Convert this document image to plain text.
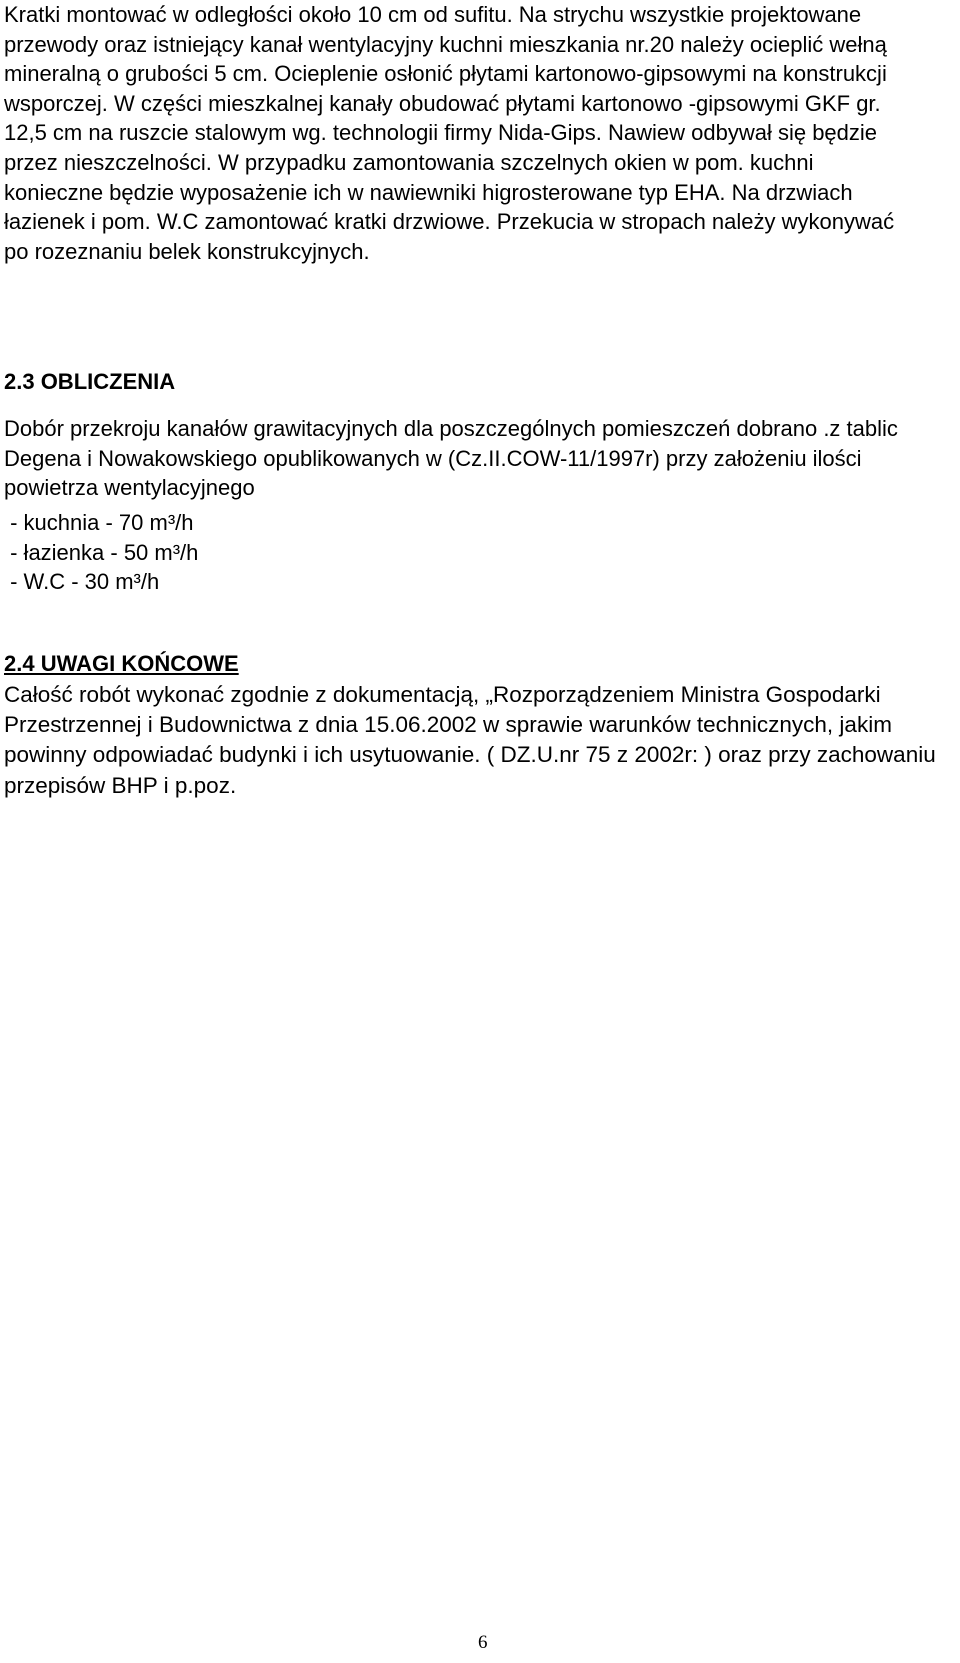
Kratki montować w odległości około 10 cm od sufitu. Na strychu wszystkie projektowane przewody oraz istniejący kanał wentylacyjny kuchni mieszkania nr.20 należy ocieplić wełną mineralną o grubości 5 cm. Ocieplenie osłonić płytami kartonowo-gipsowymi na konstrukcji wsporczej. W części mieszkalnej kanały obudować płytami kartonowo -gipsowymi GKF gr. 12,5 cm na ruszcie stalowym wg. technologii firmy Nida-Gips. Nawiew odbywał się będzie przez nieszczelności. W przypadku zamontowania szczelnych okien w pom. kuchni konieczne będzie wyposażenie ich w nawiewniki higrosterowane typ EHA. Na drzwiach łazienek i pom. W.C zamontować kratki drzwiowe. Przekucia w stropach należy wykonywać po rozeznaniu belek konstrukcyjnych.

2.3 OBLICZENIA

Dobór przekroju kanałów grawitacyjnych dla poszczególnych pomieszczeń dobrano .z tablic Degena i Nowakowskiego opublikowanych w (Cz.II.COW-11/1997r) przy założeniu ilości powietrza wentylacyjnego

- kuchnia - 70 m³/h
- łazienka - 50 m³/h
- W.C - 30 m³/h
2.4 UWAGI KOŃCOWE

Całość robót wykonać zgodnie z dokumentacją, „Rozporządzeniem Ministra Gospodarki Przestrzennej i Budownictwa z dnia 15.06.2002 w sprawie warunków technicznych, jakim powinny odpowiadać budynki i ich usytuowanie. ( DZ.U.nr 75 z 2002r: ) oraz przy zachowaniu przepisów BHP i p.poz.

6
